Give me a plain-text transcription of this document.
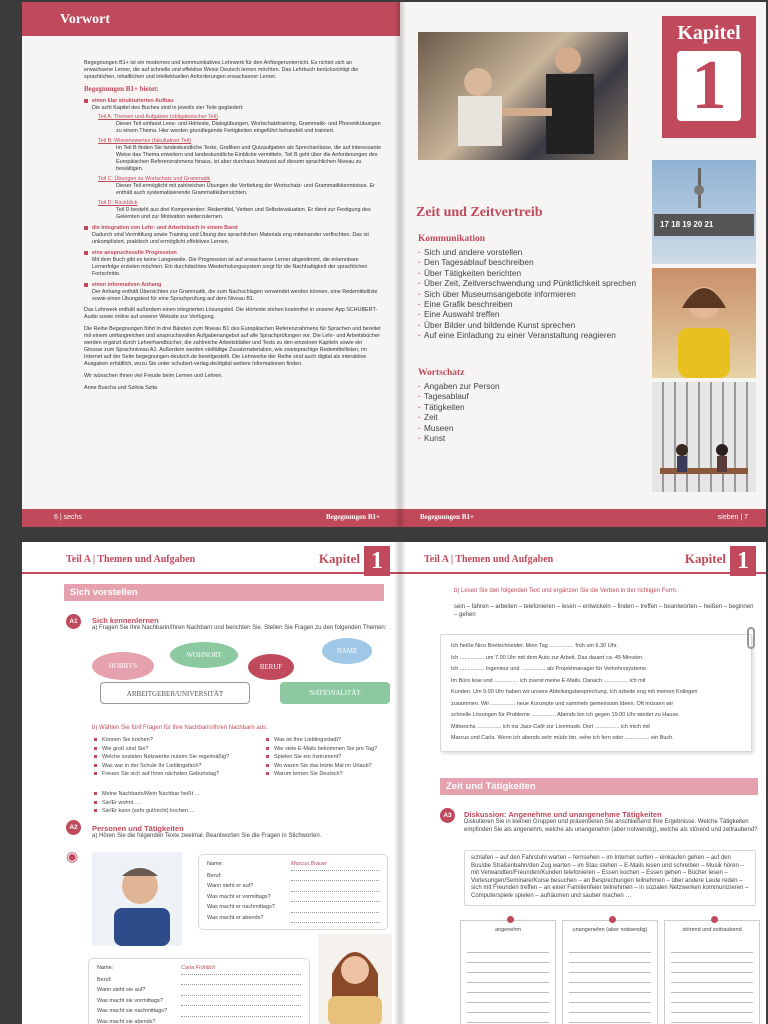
Vorwort

Begegnungen B1+ ist ein modernes und kommunikatives Lehrwerk für den Anfängerunterricht. Es richtet sich an erwachsene Lerner, die auf schnelle und effektive Weise Deutsch lernen möchten. Das Lehrbuch berücksichtigt die sprachlichen, inhaltlichen und intellektuellen Anforderungen erwachsener Lerner.

Begegnungen B1+ bietet:

einen klar strukturierten Aufbau
Die acht Kapitel des Buches sind in jeweils vier Teile gegliedert:
Teil A: Themen und Aufgaben (obligatorischer Teil)
Dieser Teil umfasst Lese- und Hörtexte, Dialogübungen, Wortschatztraining, Grammatik- und Phonetikübungen zu einem Thema. Hier werden grundlegende Fertigkeiten eingeführt behandelt und trainiert.
Teil B: Wissenswertes (fakultativer Teil)
Im Teil B finden Sie landeskundliche Texte, Grafiken und Quizaufgaben als Sprechanlässe, die auf interessante Weise das Thema erweitern und landeskundliche Einblicke vermitteln. Teil B geht über die Anforderungen des Europäischen Referenzrahmens hinaus, ist aber durchaus bewusst auf diesem sprachlichen Niveau zu bewältigen.
Teil C: Übungen zu Wortschatz und Grammatik
Dieser Teil ermöglicht mit zahlreichen Übungen die Vertiefung der Wortschatz- und Grammatikkenntnisse. Er enthält auch systematisierende Grammatikübersichten.
Teil D: Rückblick
Teil D besteht aus drei Komponenten: Redemittel, Verben und Selbstevaluation. Er dient zur Festigung des Gelernten und zur Motivation weiterzulernen.
die Integration von Lehr- und Arbeitsbuch in einem Band
Dadurch sind Vermittlung sowie Training und Übung des sprachlichen Materials eng miteinander verflochten. Das ist unkompliziert, praktisch und ermöglicht effektives Lernen.
eine anspruchsvolle Progression
Mit dem Buch gibt es keine Langeweile. Die Progression ist auf erwachsene Lerner abgestimmt, die erkennbare Lernerfolge erzielen möchten. Ein durchdachtes Wiederholungssystem sorgt für die Nachhaltigkeit der sprachlichen Fortschritte.
einen informativen Anhang
Der Anhang enthält Übersichten zur Grammatik, die zum Nachschlagen verwendet werden können, eine Redemittelliste sowie einen Übungstest für eine Sprachprüfung auf dem Niveau B1.

Das Lehrwerk enthält außerdem einen integrierten Lösungsteil. Die Hörtexte stehen kostenfrei in unserer App SCHUBERT-Audio sowie online auf unserer Website zur Verfügung.

Die Reihe Begegnungen führt in drei Bänden zum Niveau B1 des Europäischen Referenzrahmens für Sprachen und bereitet mit einem umfangreichen und anspruchsvollen Aufgabenangebot auf alle Sprachprüfungen vor. Die Lehr- und Arbeitsbücher werden ergänzt durch Lehrerhandbücher, die zahlreiche Arbeitsblätter und Tests zu den einzelnen Kapiteln sowie ein Glossar zum Sprachniveau A1. Außerdem werden vielfältige Zusatzmaterialien, wie zweisprachige Redemittellisten, im Internet auf der Seite begegnungen-deutsch.de bereitgestellt. Die Lehrwerke der Reihe sind auch digital als interaktive Ausgaben erhältlich, wozu Sie unter schubert-verlag.de/digital weitere Informationen finden.

Wir wünschen Ihnen viel Freude beim Lernen und Lehren.

Anne Buscha und Szilvia Szita

6 | sechs	Begegnungen B1+
Kapitel
1
17 18 19 20 21
Zeit und Zeitvertreib
Kommunikation
· Sich und andere vorstellen
· Den Tagesablauf beschreiben
· Über Tätigkeiten berichten
· Über Zeit, Zeitverschwendung und Pünktlichkeit sprechen
· Sich über Museumsangebote informieren
· Eine Grafik beschreiben
· Eine Auswahl treffen
· Über Bilder und bildende Kunst sprechen
· Auf eine Einladung zu einer Veranstaltung reagieren
Wortschatz
· Angaben zur Person
· Tagesablauf
· Tätigkeiten
· Zeit
· Museen
· Kunst
Begegnungen B1+	sieben | 7
Teil A | Themen und Aufgaben	Kapitel 1
Sich vorstellen
A1	Sich kennenlernen
a) Fragen Sie Ihre Nachbarin/Ihren Nachbarn und berichten Sie. Stellen Sie Fragen zu den folgenden Themen:
HOBBYS
WOHNORT
BERUF
NAME
ARBEITGEBER/UNIVERSITÄT	NATIONALITÄT
b) Wählen Sie fünf Fragen für Ihre Nachbarin/Ihren Nachbarn aus.
Können Sie kochen?
Wie groß sind Sie?
Welche sozialen Netzwerke nutzen Sie regelmäßig?
Was war in der Schule Ihr Lieblingsfach?
Freuen Sie sich auf Ihren nächsten Geburtstag?
Was ist Ihre Lieblingsstadt?
Wie viele E-Mails bekommen Sie pro Tag?
Spielen Sie ein Instrument?
Wo waren Sie das letzte Mal im Urlaub?
Warum lernen Sie Deutsch?
Meine Nachbarin/Mein Nachbar heißt …
Sie/Er wohnt …
Sie/Er kann (sehr gut/nicht) kochen …
A2	Personen und Tätigkeiten
a) Hören Sie die folgenden Texte zweimal. Beantworten Sie die Fragen in Stichworten.
◉	Name:	Marcus Brauer
Beruf:
Wann steht er auf?
Was macht er vormittags?
Was macht er nachmittags?
Was macht er abends?
Name:	Carla Fröhlich
Beruf:
Wann steht sie auf?
Was macht sie vormittags?
Was macht sie nachmittags?
Was macht sie abends?
Teil A | Themen und Aufgaben	Kapitel 1
b) Lesen Sie den folgenden Text und ergänzen Sie die Verben in der richtigen Form.
sein – fahren – arbeiten – telefonieren – lesen – entwickeln – finden – treffen – beantworten – heißen – beginnen – gehen
Ich heiße Nico Breitschneider. Mein Tag ................ früh um 6.30 Uhr.
Ich ................ um 7.00 Uhr mit dem Auto zur Arbeit. Das dauert ca. 45 Minuten.
Ich ................ Ingenieur und ................ als Projektmanager für Verkehrssysteme.
Im Büro lese und ................ ich zuerst meine E-Mails. Danach ................ ich mit
Kunden. Um 9.00 Uhr haben wir unsere Abteilungsbesprechung. Ich arbeite eng mit meinen Kollegen
zusammen. Wir ................ neue Konzepte und sammeln gemeinsam Ideen. Oft müssen wir
schnelle Lösungen für Probleme ................ Abends bin ich gegen 19.00 Uhr wieder zu Hause.
Mittwochs ................ ich ins Jazz-Café zur Livemusik. Dort ................ ich mich mit
Marcus und Carla. Wenn ich abends sehr müde bin, sehe ich fern oder ................ ein Buch.
Zeit und Tätigkeiten
A3	Diskussion: Angenehme und unangenehme Tätigkeiten
Diskutieren Sie in kleinen Gruppen und präsentieren Sie anschließend Ihre Ergebnisse. Welche Tätigkeiten empfinden Sie als angenehm, welche als unangenehm (aber notwendig), welche als störend und zeitraubend?
schlafen – auf den Fahrstuhl warten – fernsehen – im Internet surfen – einkaufen gehen – auf den Bus/die Straßenbahn/den Zug warten – im Stau stehen – E-Mails lesen und schreiben – Musik hören – mit Verwandten/Freunden/Kunden telefonieren – Essen kochen – Essen gehen – Bücher lesen – Vorlesungen/Seminare/Kurse besuchen – an Besprechungen teilnehmen – über andere Leute reden – sich mit Freunden treffen – an einer Familienfeier teilnehmen – in sozialen Netzwerken kommunizieren – Computerspiele spielen – aufräumen und sauber machen …
angenehm	unangenehm (aber notwendig)	störend und zeitraubend
